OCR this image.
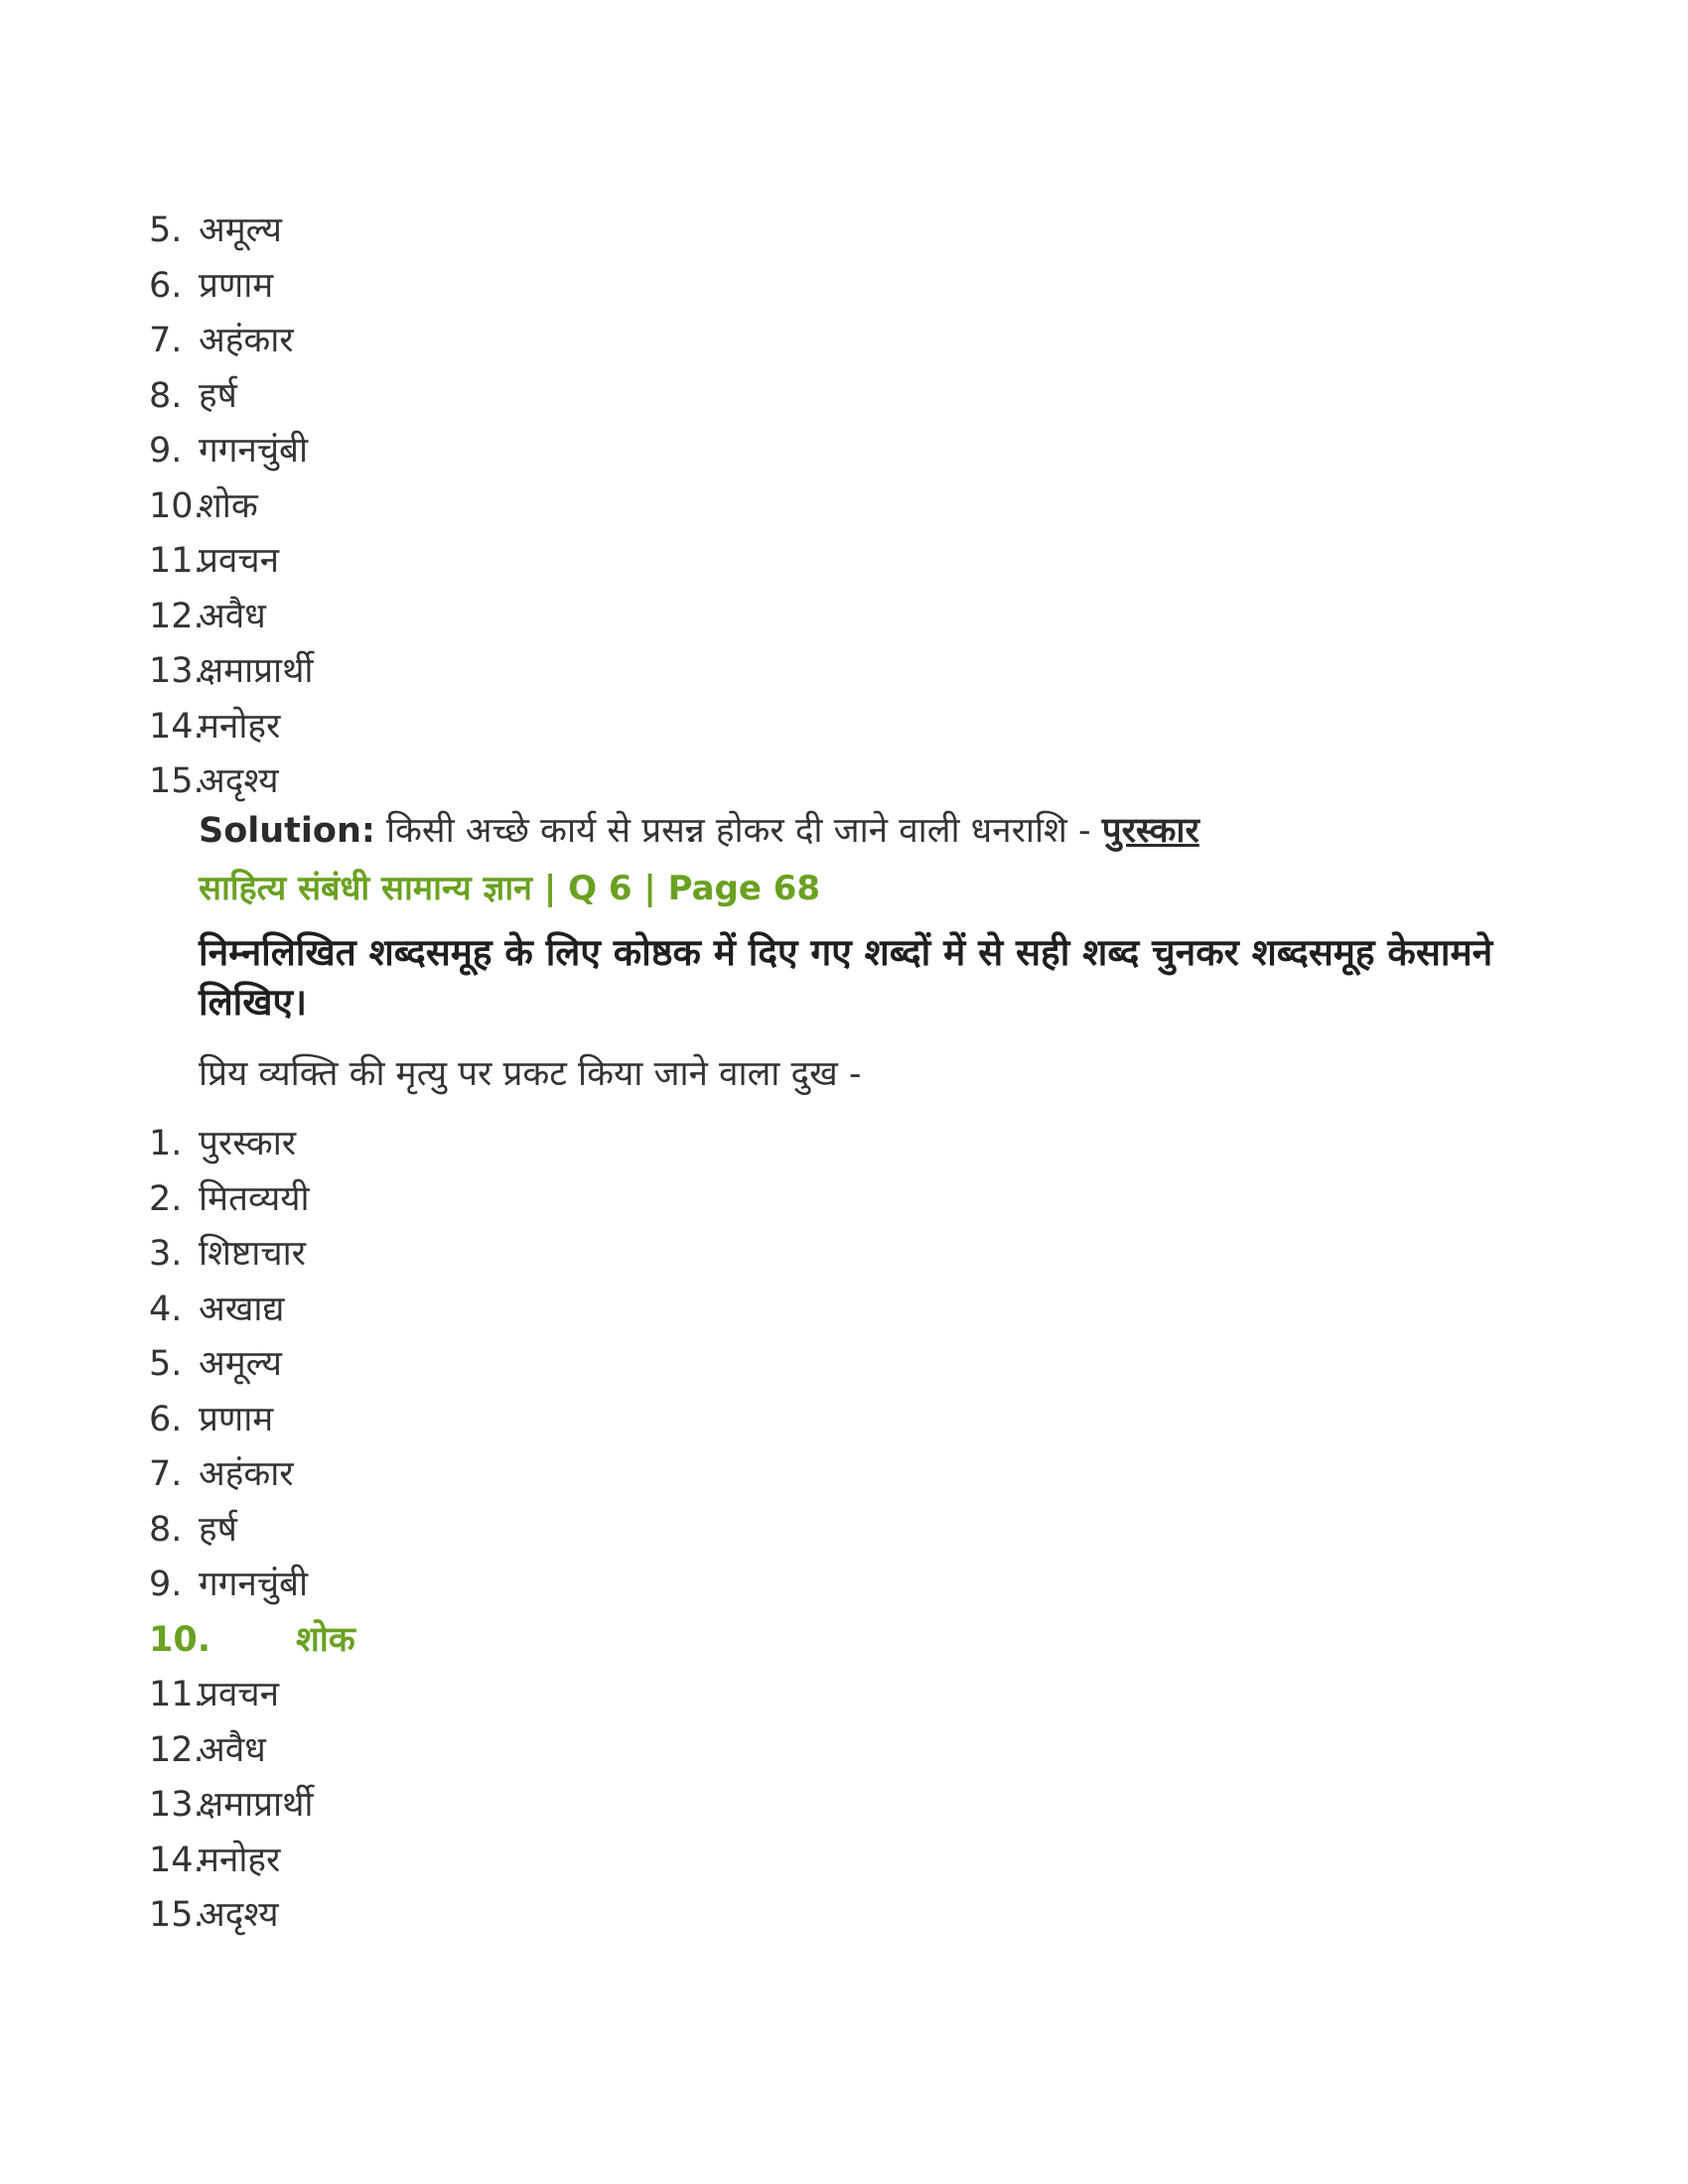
5. अमूल्य
6. प्रणाम
7. अहंकार
8. हर्ष
9. गगनचुंबी
10.
शोक
11.
प्रवचन
12.
अवैध
13.
क्षमाप्रार्थी
14.
मनोहर
15.
अदृश्य
Solution: किसी अच्छे कार्य से प्रसन्न होकर दी जाने वाली धनराशि - पुरस्कार
साहित्य संबंधी सामान्य ज्ञान | Q 6 | Page 68
निम्नलिखित शब्दसमूह के लिए कोष्ठक में दिए गए शब्दों में से सही शब्द चुनकर शब्दसमूह केसामने लिखिए।
प्रिय व्यक्ति की मृत्यु पर प्रकट किया जाने वाला दुख -
1. पुरस्कार
2. मितव्ययी
3. शिष्टाचार
4. अखाद्य
5. अमूल्य
6. प्रणाम
7. अहंकार
8. हर्ष
9. गगनचुंबी
10. शोक
11.
प्रवचन
12.
अवैध
13.
क्षमाप्रार्थी
14.
मनोहर
15.
अदृश्य
